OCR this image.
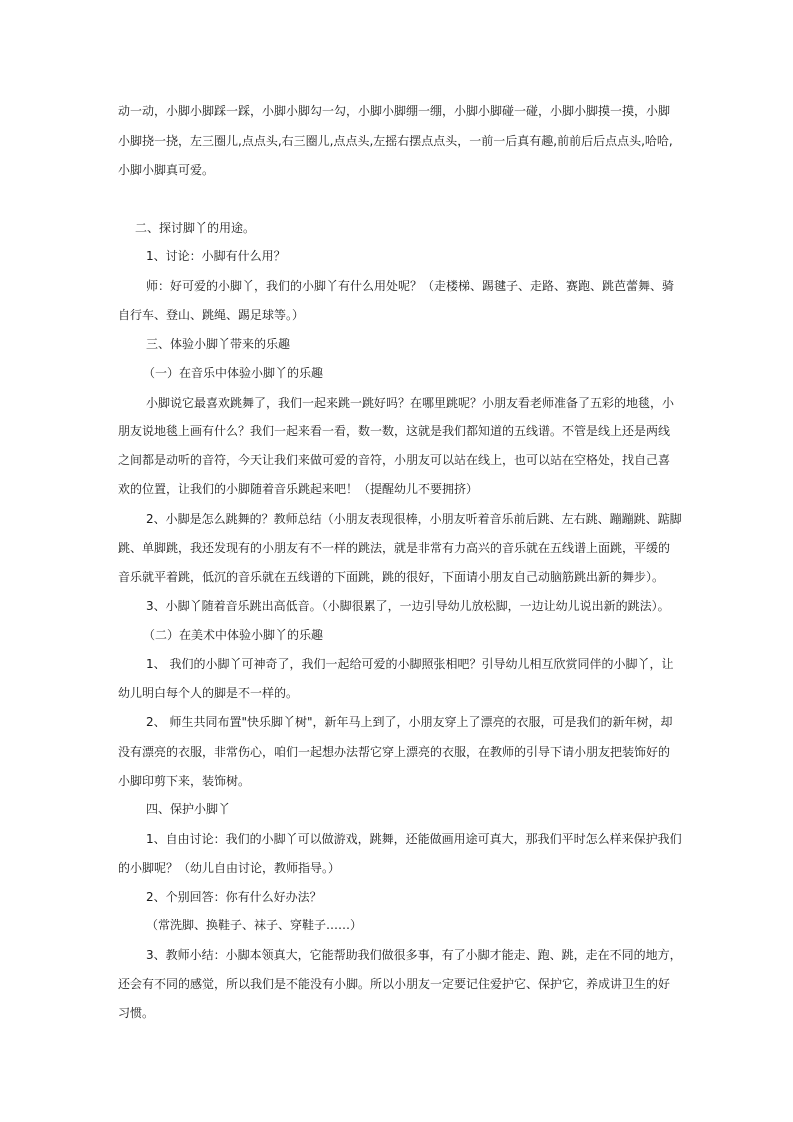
动一动，小脚小脚踩一踩，小脚小脚勾一勾，小脚小脚绷一绷，小脚小脚碰一碰，小脚小脚摸一摸，小脚
小脚挠一挠，左三圈儿,点点头,右三圈儿,点点头,左摇右摆点点头，一前一后真有趣,前前后后点点头,哈哈,
小脚小脚真可爱。
二、探讨脚丫的用途。
1、讨论：小脚有什么用？
师：好可爱的小脚丫，我们的小脚丫有什么用处呢？（走楼梯、踢毽子、走路、赛跑、跳芭蕾舞、骑
自行车、登山、跳绳、踢足球等。）
三、体验小脚丫带来的乐趣
（一）在音乐中体验小脚丫的乐趣
小脚说它最喜欢跳舞了，我们一起来跳一跳好吗？在哪里跳呢？小朋友看老师准备了五彩的地毯，小
朋友说地毯上画有什么？我们一起来看一看，数一数，这就是我们都知道的五线谱。不管是线上还是两线
之间都是动听的音符，今天让我们来做可爱的音符，小朋友可以站在线上，也可以站在空格处，找自己喜
欢的位置，让我们的小脚随着音乐跳起来吧！（提醒幼儿不要拥挤）
2、小脚是怎么跳舞的？教师总结（小朋友表现很棒，小朋友听着音乐前后跳、左右跳、蹦蹦跳、踮脚
跳、单脚跳，我还发现有的小朋友有不一样的跳法，就是非常有力高兴的音乐就在五线谱上面跳，平缓的
音乐就平着跳，低沉的音乐就在五线谱的下面跳，跳的很好，下面请小朋友自己动脑筋跳出新的舞步）。
3、小脚丫随着音乐跳出高低音。（小脚很累了，一边引导幼儿放松脚，一边让幼儿说出新的跳法）。
（二）在美术中体验小脚丫的乐趣
1、 我们的小脚丫可神奇了，我们一起给可爱的小脚照张相吧？引导幼儿相互欣赏同伴的小脚丫，让
幼儿明白每个人的脚是不一样的。
2、 师生共同布置"快乐脚丫树"，新年马上到了，小朋友穿上了漂亮的衣服，可是我们的新年树，却
没有漂亮的衣服，非常伤心，咱们一起想办法帮它穿上漂亮的衣服，在教师的引导下请小朋友把装饰好的
小脚印剪下来，装饰树。
四、保护小脚丫
1、自由讨论：我们的小脚丫可以做游戏，跳舞，还能做画用途可真大，那我们平时怎么样来保护我们
的小脚呢？（幼儿自由讨论，教师指导。）
2、个别回答：你有什么好办法？
（常洗脚、换鞋子、袜子、穿鞋子……）
3、教师小结：小脚本领真大，它能帮助我们做很多事，有了小脚才能走、跑、跳，走在不同的地方，
还会有不同的感觉，所以我们是不能没有小脚。所以小朋友一定要记住爱护它、保护它，养成讲卫生的好
习惯。
